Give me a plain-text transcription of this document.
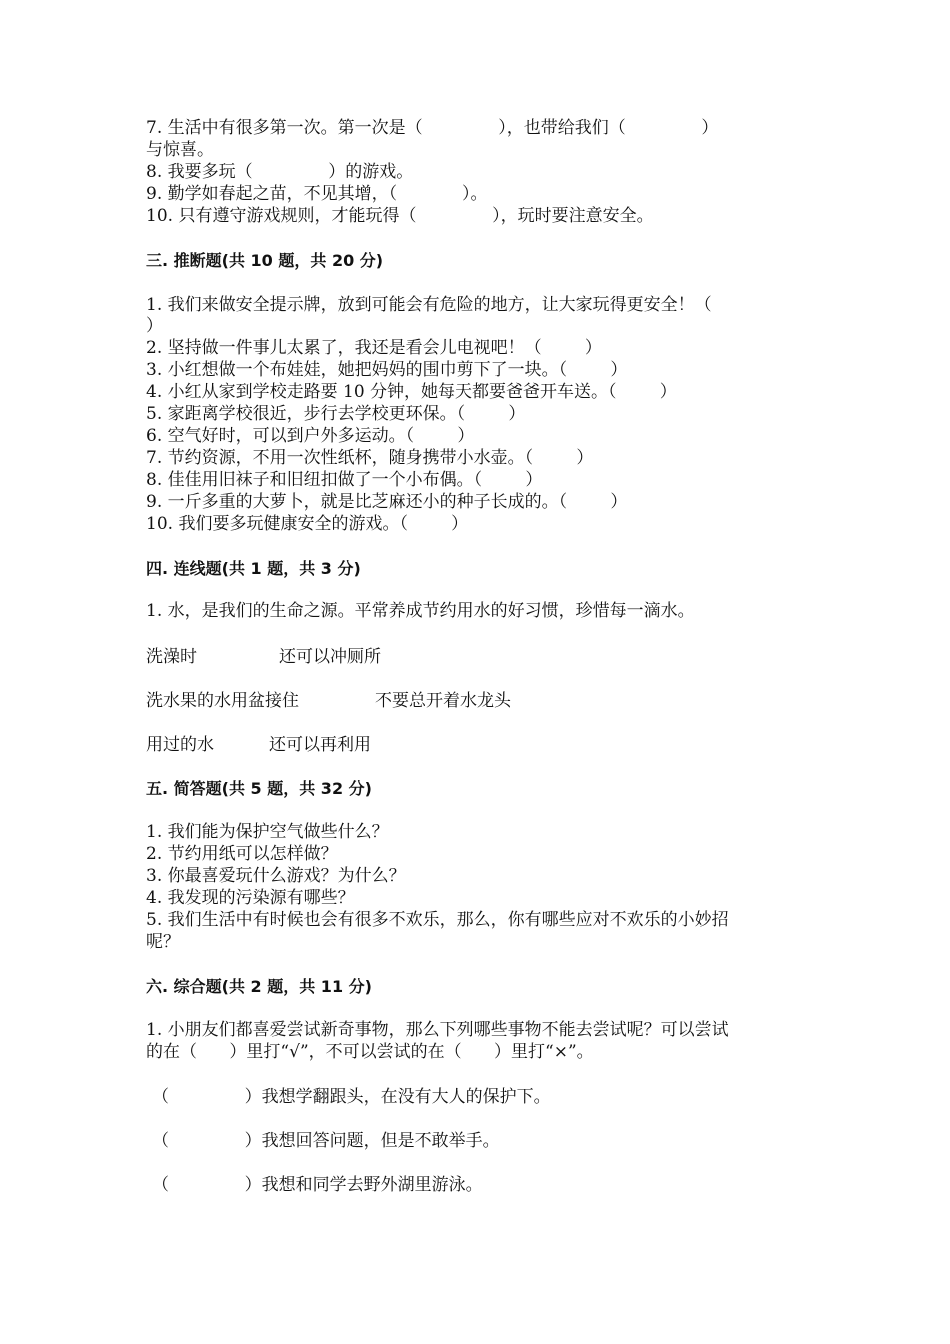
7. 生活中有很多第一次。第一次是（              ），也带给我们（              ）
与惊喜。
8. 我要多玩（              ）的游戏。
9. 勤学如春起之苗，不见其增，（            ）。
10. 只有遵守游戏规则，才能玩得（              ），玩时要注意安全。
三. 推断题(共 10 题，共 20 分)
1. 我们来做安全提示牌，放到可能会有危险的地方，让大家玩得更安全！（
）
2. 坚持做一件事儿太累了，我还是看会儿电视吧！（        ）
3. 小红想做一个布娃娃，她把妈妈的围巾剪下了一块。（        ）
4. 小红从家到学校走路要 10 分钟，她每天都要爸爸开车送。（        ）
5. 家距离学校很近，步行去学校更环保。（        ）
6. 空气好时，可以到户外多运动。（        ）
7. 节约资源，不用一次性纸杯，随身携带小水壶。（        ）
8. 佳佳用旧袜子和旧纽扣做了一个小布偶。（        ）
9. 一斤多重的大萝卜，就是比芝麻还小的种子长成的。（        ）
10. 我们要多玩健康安全的游戏。（        ）
四. 连线题(共 1 题，共 3 分)
1. 水，是我们的生命之源。平常养成节约用水的好习惯，珍惜每一滴水。
洗澡时	还可以冲厕所
洗水果的水用盆接住	不要总开着水龙头
用过的水	还可以再利用
五. 简答题(共 5 题，共 32 分)
1. 我们能为保护空气做些什么？
2. 节约用纸可以怎样做？
3. 你最喜爱玩什么游戏？为什么？
4. 我发现的污染源有哪些？
5. 我们生活中有时候也会有很多不欢乐，那么，你有哪些应对不欢乐的小妙招
呢？
六. 综合题(共 2 题，共 11 分)
1. 小朋友们都喜爱尝试新奇事物，那么下列哪些事物不能去尝试呢？可以尝试
的在（      ）里打“√”，不可以尝试的在（      ）里打“×”。
（              ）我想学翻跟头，在没有大人的保护下。
（              ）我想回答问题，但是不敢举手。
（              ）我想和同学去野外湖里游泳。
